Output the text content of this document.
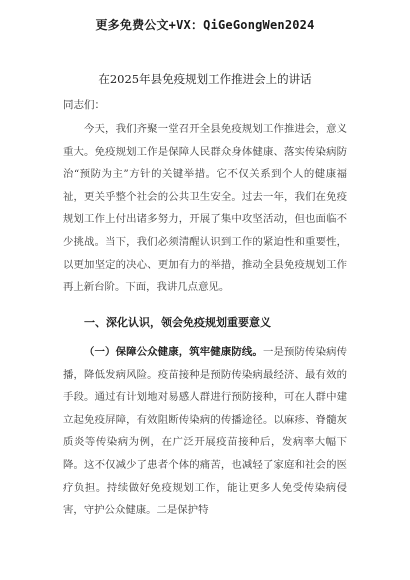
更多免费公文+VX：QiGeGongWen2024
在2025年县免疫规划工作推进会上的讲话
同志们：
今天，我们齐聚一堂召开全县免疫规划工作推进会，意义重大。免疫规划工作是保障人民群众身体健康、落实传染病防治“预防为主”方针的关键举措。它不仅关系到个人的健康福祉，更关乎整个社会的公共卫生安全。过去一年，我们在免疫规划工作上付出诸多努力，开展了集中攻坚活动，但也面临不少挑战。当下，我们必须清醒认识到工作的紧迫性和重要性，以更加坚定的决心、更加有力的举措，推动全县免疫规划工作再上新台阶。下面，我讲几点意见。
一、深化认识，领会免疫规划重要意义
（一）保障公众健康，筑牢健康防线。一是预防传染病传播，降低发病风险。疫苗接种是预防传染病最经济、最有效的手段。通过有计划地对易感人群进行预防接种，可在人群中建立起免疫屏障，有效阻断传染病的传播途径。以麻疹、脊髓灰质炎等传染病为例，在广泛开展疫苗接种后，发病率大幅下降。这不仅减少了患者个体的痛苦，也减轻了家庭和社会的医疗负担。持续做好免疫规划工作，能让更多人免受传染病侵害，守护公众健康。二是保护特
